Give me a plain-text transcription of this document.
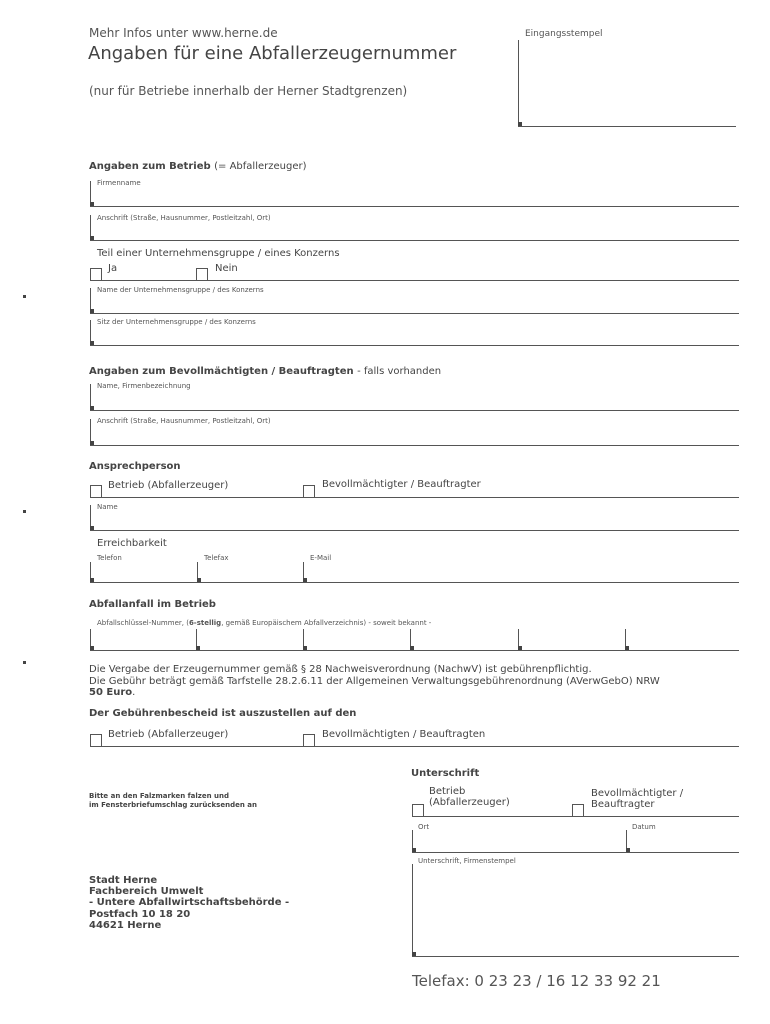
Mehr Infos unter www.herne.de
Angaben für eine Abfallerzeugernummer
(nur für Betriebe innerhalb der Herner Stadtgrenzen)
Eingangsstempel
Angaben zum Betrieb (= Abfallerzeuger)
Firmenname
Anschrift (Straße, Hausnummer, Postleitzahl, Ort)
Teil einer Unternehmensgruppe / eines Konzerns
Ja	Nein
Name der Unternehmensgruppe / des Konzerns
Sitz der Unternehmensgruppe / des Konzerns
Angaben zum Bevollmächtigten / Beauftragten - falls vorhanden
Name, Firmenbezeichnung
Anschrift (Straße, Hausnummer, Postleitzahl, Ort)
Ansprechperson
Betrieb (Abfallerzeuger)	Bevollmächtigter / Beauftragter
Name
Erreichbarkeit
Telefon	Telefax	E-Mail
Abfallanfall im Betrieb
Abfallschlüssel-Nummer, (6-stellig, gemäß Europäischem Abfallverzeichnis) - soweit bekannt -
Die Vergabe der Erzeugernummer gemäß § 28 Nachweisverordnung (NachwV) ist gebührenpflichtig.
Die Gebühr beträgt gemäß Tarfstelle 28.2.6.11 der Allgemeinen Verwaltungsgebührenordnung (AVerwGebO) NRW
50 Euro.
Der Gebührenbescheid ist auszustellen auf den
Betrieb (Abfallerzeuger)	Bevollmächtigten / Beauftragten
Bitte an den Falzmarken falzen und
im Fensterbriefumschlag zurücksenden an
Unterschrift
Betrieb
(Abfallerzeuger)
Bevollmächtigter /
Beauftragter
Ort	Datum
Unterschrift, Firmenstempel
Stadt Herne
Fachbereich Umwelt
- Untere Abfallwirtschaftsbehörde -
Postfach 10 18 20
44621 Herne
Telefax: 0 23 23 / 16 12 33 92 21
